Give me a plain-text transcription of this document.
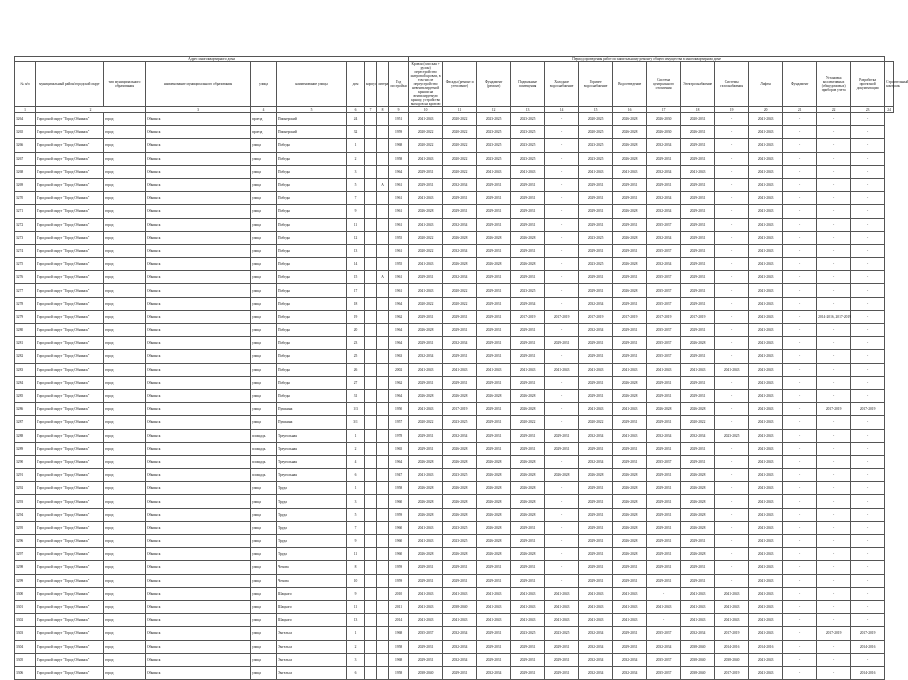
Адрес многоквартирного дома										Период проведения работ по капитальному ремонту общего имущества в многоквартирном доме														
№ п/п	муниципальный район/городской округ	тип муниципального образования	наименование муниципального образования	улица	наименование улицы	дом	корпус	литера	Год постройки	Кровля (плоская + рулон) перестройство шатровой кровли, в том числе переустройство невентилируемой крыши на вентилируемую крышу, устройство выходов на кровлю	Фасады (ремонт и утепление)	Фундамент (ремонт)	Подвальные помещения	Холодное водоснабжение	Горячее водоснабжение	Водоотведение	Система центрального отопления	Электроснабжение	Системы газоснабжения	Лифты	Фундамент	Установка коллективных (общедомовых) приборов учета	Разработка проектной документации	Строительный контроль
1	2		3	4	5	6	7	8	9	10	11	12	13	14	15	16	17	18	19	20	21	22	23	24
3264	Городской округ "Город Обнинск"	город	Обнинск	проезд	Пионерский	24			1951	2041-2043	2020-2022	2023-2025	2023-2025	-	2020-2025	2026-2028	2026-2030	2020-2031	-	2041-2043	-	-	-	
3265	Городской округ "Город Обнинск"	город	Обнинск	проезд	Пионерский	32			1959	2020-2022	2020-2022	2023-2025	2023-2025	-	2020-2025	2026-2028	2026-2030	2026-2031	-	2041-2043	-	-	-	
3266	Городской округ "Город Обнинск"	город	Обнинск	улица	Победы	1			1968	2020-2022	2020-2022	2023-2025	2023-2025	-	2023-2025	2026-2028	2032-2034	2029-2031	-	2041-2043	-	-	-	
3267	Городской округ "Город Обнинск"	город	Обнинск	улица	Победы	2			1958	2041-2043	2020-2022	2023-2025	2023-2025	-	2023-2025	2026-2028	2029-2031	2029-2031	-	2041-2043	-	-	-	
3268	Городской округ "Город Обнинск"	город	Обнинск	улица	Победы	3			1964	2029-2031	2020-2022	2041-2043	2041-2043	-	2041-2043	2041-2043	2032-2034	2041-2043	-	2041-2043	-	-	-	
3269	Городской округ "Город Обнинск"	город	Обнинск	улица	Победы	5		А	1961	2029-2031	2032-2034	2029-2031	2029-2031	-	2029-2031	2029-2031	2029-2031	2029-2031	-	2041-2043	-	-	-	
3270	Городской округ "Город Обнинск"	город	Обнинск	улица	Победы	7			1961	2041-2043	2029-2031	2029-2031	2029-2031	-	2029-2031	2029-2031	2032-2034	2029-2031	-	2041-2043	-	-	-	
3271	Городской округ "Город Обнинск"	город	Обнинск	улица	Победы	9			1961	2026-2028	2029-2031	2029-2031	2029-2031	-	2029-2031	2026-2028	2032-2034	2029-2031	-	2041-2043	-	-	-	
3272	Городской округ "Город Обнинск"	город	Обнинск	улица	Победы	11			1961	2041-2043	2032-2034	2029-2031	2029-2031	-	2029-2031	2029-2031	2035-2037	2029-2031	-	2041-2043	-	-	-	
3273	Городской округ "Город Обнинск"	город	Обнинск	улица	Победы	12			1955	2020-2022	2026-2028	2026-2028	2026-2028	-	2023-2025	2026-2028	2032-2034	2029-2031	-	2041-2043	-	-	-	
3274	Городской округ "Город Обнинск"	город	Обнинск	улица	Победы	13			1961	2020-2022	2032-2034	2029-2031	2029-2031	-	2029-2031	2029-2031	2035-2037	2029-2031	-	2041-2043	-	-	-	
3275	Городской округ "Город Обнинск"	город	Обнинск	улица	Победы	14			1955	2041-2043	2026-2028	2026-2028	2026-2028	-	2023-2025	2026-2028	2032-2034	2029-2031	-	2041-2043	-	-	-	
3276	Городской округ "Город Обнинск"	город	Обнинск	улица	Победы	15		А	1961	2029-2031	2032-2034	2029-2031	2029-2031	-	2029-2031	2029-2031	2035-2037	2029-2031	-	2041-2043	-	-	-	
3277	Городской округ "Город Обнинск"	город	Обнинск	улица	Победы	17			1961	2041-2043	2020-2022	2029-2031	2023-2025	-	2029-2031	2026-2028	2035-2037	2029-2031	-	2041-2043	-	-	-	
3278	Городской округ "Город Обнинск"	город	Обнинск	улица	Победы	18			1964	2020-2022	2020-2022	2029-2031	2029-2034	-	2032-2034	2029-2031	2035-2037	2029-2031	-	2041-2043	-	-	-	
3279	Городской округ "Город Обнинск"	город	Обнинск	улица	Победы	19			1962	2029-2031	2029-2031	2029-2031	2017-2019	2017-2019	2017-2019	2017-2019	2017-2019	2017-2019	-	2041-2043	-	2014-2016, 2017-2019	-	
3280	Городской округ "Город Обнинск"	город	Обнинск	улица	Победы	20			1964	2026-2028	2029-2031	2029-2031	2029-2031	-	2032-2034	2029-2031	2035-2037	2029-2031	-	2041-2043	-	-	-	
3281	Городской округ "Город Обнинск"	город	Обнинск	улица	Победы	23			1964	2029-2031	2032-2034	2029-2031	2029-2031	2029-2031	2029-2031	2029-2031	2035-2037	2026-2028	-	2041-2043	-	-	-	
3282	Городской округ "Город Обнинск"	город	Обнинск	улица	Победы	25			1963	2032-2034	2029-2031	2029-2031	2029-2031	-	2029-2031	2029-2031	2035-2037	2029-2031	-	2041-2043	-	-	-	
3283	Городской округ "Город Обнинск"	город	Обнинск	улица	Победы	26			2002	2041-2043	2041-2043	2041-2043	2041-2043	2041-2043	2041-2043	2041-2043	2041-2043	2041-2043	2041-2043	2041-2043	-	-	-	
3284	Городской округ "Город Обнинск"	город	Обнинск	улица	Победы	27			1962	2029-2031	2029-2031	2029-2031	2029-2031	-	2029-2031	2026-2028	2029-2031	2029-2031	-	2041-2043	-	-	-	
3285	Городской округ "Город Обнинск"	город	Обнинск	улица	Победы	31			1964	2026-2028	2026-2028	2026-2028	2026-2028	-	2029-2031	2026-2028	2029-2031	2029-2031	-	2041-2043	-	-	-	
3286	Городской округ "Город Обнинск"	город	Обнинск	улица	Пушкина	1/3			1950	2041-2043	2017-2019	2029-2031	2026-2028	-	2041-2043	2041-2043	2026-2028	2026-2028	-	2041-2043	-	2017-2019	2017-2019	
3287	Городской округ "Город Обнинск"	город	Обнинск	улица	Пушкина	3/1			1957	2020-2022	2023-2025	2029-2031	2020-2022	-	2020-2022	2029-2031	2029-2031	2020-2022	-	2041-2043	-	-	-	
3288	Городской округ "Город Обнинск"	город	Обнинск	площадь	Треугольная	1			1978	2029-2031	2032-2034	2029-2031	2029-2031	2029-2031	2032-2034	2041-2043	2032-2034	2032-2034	2023-2025	2041-2043	-	-	-	
3289	Городской округ "Город Обнинск"	город	Обнинск	площадь	Треугольная	2			1965	2029-2031	2026-2028	2029-2031	2029-2031	2029-2031	2029-2031	2029-2031	2029-2031	2029-2031	-	2041-2043	-	-	-	
3290	Городской округ "Город Обнинск"	город	Обнинск	площадь	Треугольная	4			1964	2026-2028	2026-2028	2026-2028	2026-2028	-	2032-2034	2029-2031	2035-2037	2029-2031	-	2041-2043	-	-	-	
3291	Городской округ "Город Обнинск"	город	Обнинск	площадь	Треугольная	6			1947	2041-2043	2023-2025	2026-2028	2026-2028	2026-2028	2026-2028	2026-2028	2029-2031	2026-2028	-	2041-2043	-	-	-	
3292	Городской округ "Город Обнинск"	город	Обнинск	улица	Труда	1			1958	2026-2028	2026-2028	2026-2028	2026-2028	-	2029-2031	2026-2028	2029-2031	2026-2028	-	2041-2043	-	-	-	
3293	Городской округ "Город Обнинск"	город	Обнинск	улица	Труда	3			1960	2026-2028	2026-2028	2026-2028	2026-2028	-	2029-2031	2026-2028	2029-2031	2026-2028	-	2041-2043	-	-	-	
3294	Городской округ "Город Обнинск"	город	Обнинск	улица	Труда	5			1959	2026-2028	2026-2028	2026-2028	2026-2028	-	2029-2031	2026-2028	2029-2031	2026-2028	-	2041-2043	-	-	-	
3295	Городской округ "Город Обнинск"	город	Обнинск	улица	Труда	7			1960	2041-2043	2023-2025	2026-2028	2029-2031	-	2029-2031	2026-2028	2029-2031	2026-2028	-	2041-2043	-	-	-	
3296	Городской округ "Город Обнинск"	город	Обнинск	улица	Труда	9			1960	2041-2043	2023-2025	2026-2028	2029-2031	-	2029-2031	2026-2028	2029-2031	2029-2031	-	2041-2043	-	-	-	
3297	Городской округ "Город Обнинск"	город	Обнинск	улица	Труда	11			1960	2026-2028	2026-2028	2026-2028	2026-2028	-	2029-2031	2026-2028	2029-2031	2026-2028	-	2041-2043	-	-	-	
3298	Городской округ "Город Обнинск"	город	Обнинск	улица	Чехова	8			1959	2029-2031	2029-2031	2029-2031	2029-2031	-	2029-2031	2029-2031	2029-2031	2029-2031	-	2041-2043	-	-	-	
3299	Городской округ "Город Обнинск"	город	Обнинск	улица	Чехова	10			1959	2029-2031	2029-2031	2029-2031	2029-2031	-	2029-2031	2029-2031	2029-2031	2029-2031	-	2041-2043	-	-	-	
3300	Городской округ "Город Обнинск"	город	Обнинск	улица	Шацкого	9			2010	2041-2043	2041-2043	2041-2043	2041-2043	2041-2043	2041-2043	2041-2043	-	2041-2043	2041-2043	2041-2043	-	-	-	
3301	Городской округ "Город Обнинск"	город	Обнинск	улица	Шацкого	11			2011	2041-2043	2038-2040	2041-2043	2041-2043	2041-2043	2041-2043	2041-2043	2041-2043	2041-2043	2041-2043	2041-2043	-	-	-	
3302	Городской округ "Город Обнинск"	город	Обнинск	улица	Шацкого	13			2014	2041-2043	2041-2043	2041-2043	2041-2043	2041-2043	2041-2043	2041-2043	-	2041-2043	2041-2043	2041-2043	-	-	-	
3303	Городской округ "Город Обнинск"	город	Обнинск	улица	Энгельса	1			1968	2035-2037	2032-2034	2029-2031	2023-2025	2023-2025	2032-2034	2029-2031	2035-2037	2032-2034	2017-2019	2041-2043	-	2017-2019	2017-2019	
3304	Городской округ "Город Обнинск"	город	Обнинск	улица	Энгельса	2			1958	2029-2031	2032-2034	2029-2031	2029-2031	2029-2031	2032-2034	2029-2031	2032-2034	2038-2040	2014-2016	2014-2016	-	-	2014-2016	
3305	Городской округ "Город Обнинск"	город	Обнинск	улица	Энгельса	3			1968	2029-2031	2032-2034	2029-2031	2029-2031	2029-2031	2032-2034	2032-2034	2035-2037	2038-2040	2038-2040	2041-2043	-	-	-	
3306	Городской округ "Город Обнинск"	город	Обнинск	улица	Энгельса	6			1958	2038-2040	2029-2031	2032-2034	2029-2031	2029-2031	2032-2034	2032-2034	2035-2037	2038-2040	2017-2019	2041-2043	-	-	2014-2016	
